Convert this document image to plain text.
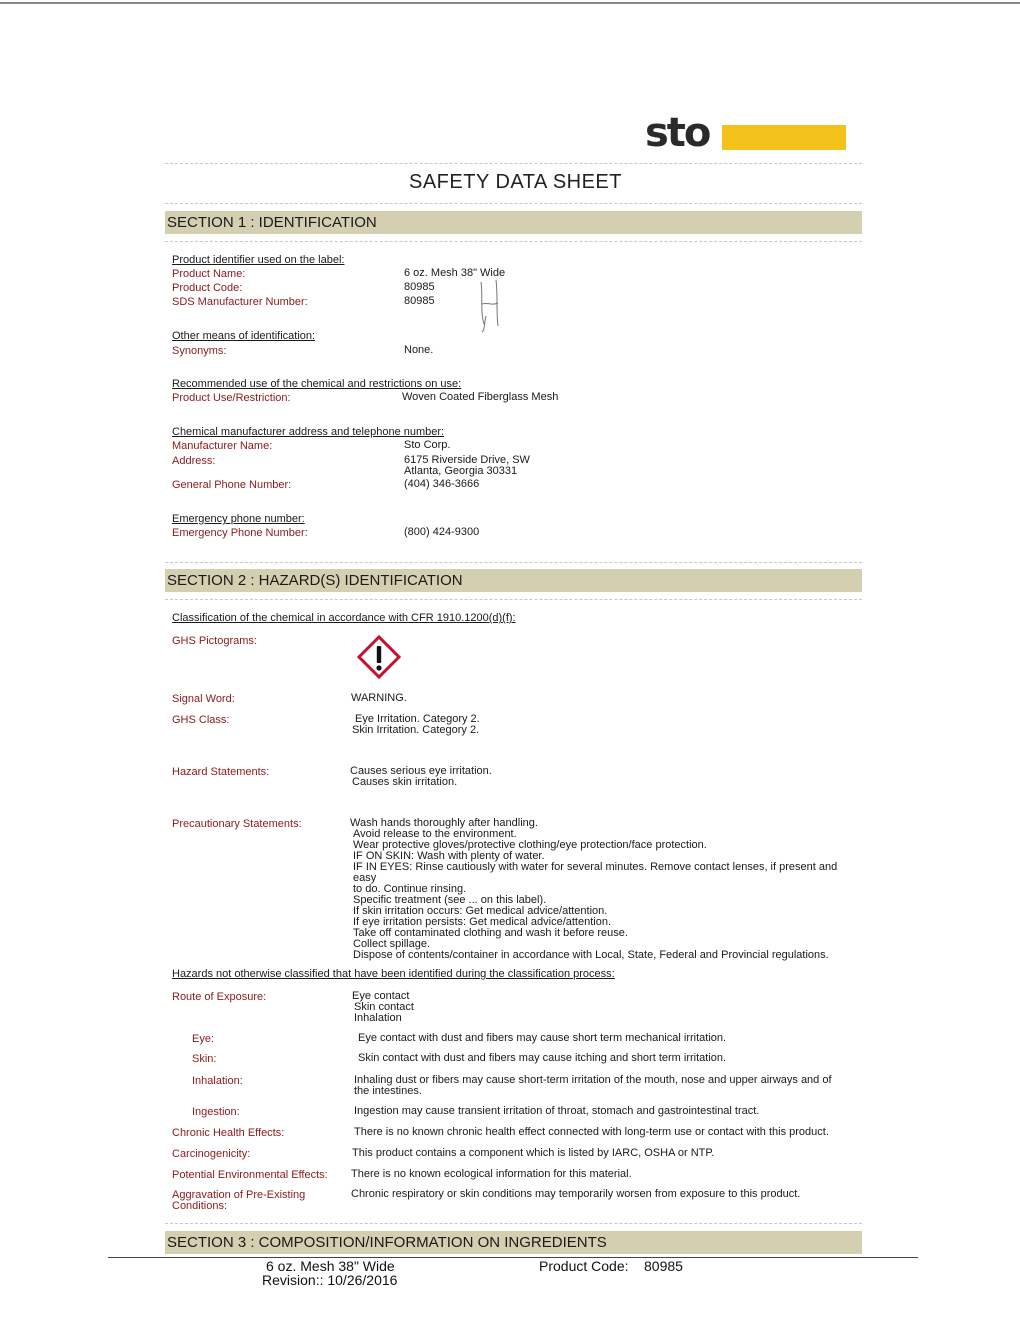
sto
SAFETY DATA SHEET
SECTION 1 : IDENTIFICATION
Product identifier used on the label:
Product Name:	6 oz. Mesh 38" Wide
Product Code:	80985
SDS Manufacturer Number:	80985
Other means of identification:
Synonyms:	None.
Recommended use of the chemical and restrictions on use:
Product Use/Restriction:	Woven Coated Fiberglass Mesh
Chemical manufacturer address and telephone number:
Manufacturer Name:	Sto Corp.
Address:	6175 Riverside Drive, SW
Atlanta, Georgia 30331
General Phone Number:	(404) 346-3666
Emergency phone number:
Emergency Phone Number:	(800) 424-9300
SECTION 2 : HAZARD(S) IDENTIFICATION
Classification of the chemical in accordance with CFR 1910.1200(d)(f):
GHS Pictograms:
Signal Word:	WARNING.
GHS Class:	Eye Irritation. Category 2.
Skin Irritation. Category 2.
Hazard Statements:	Causes serious eye irritation.
Causes skin irritation.
Precautionary Statements:	Wash hands thoroughly after handling.
Avoid release to the environment.
Wear protective gloves/protective clothing/eye protection/face protection.
IF ON SKIN: Wash with plenty of water.
IF IN EYES: Rinse cautiously with water for several minutes. Remove contact lenses, if present and easy
to do. Continue rinsing.
Specific treatment (see ... on this label).
If skin irritation occurs: Get medical advice/attention.
If eye irritation persists: Get medical advice/attention.
Take off contaminated clothing and wash it before reuse.
Collect spillage.
Dispose of contents/container in accordance with Local, State, Federal and Provincial regulations.
Hazards not otherwise classified that have been identified during the classification process:
Route of Exposure:	Eye contact
Skin contact
Inhalation
Eye:	Eye contact with dust and fibers may cause short term mechanical irritation.
Skin:	Skin contact with dust and fibers may cause itching and short term irritation.
Inhalation:	Inhaling dust or fibers may cause short-term irritation of the mouth, nose and upper airways and of
the intestines.
Ingestion:	Ingestion may cause transient irritation of throat, stomach and gastrointestinal tract.
Chronic Health Effects:	There is no known chronic health effect connected with long-term use or contact with this product.
Carcinogenicity:	This product contains a component which is listed by IARC, OSHA or NTP.
Potential Environmental Effects: There is no known ecological information for this material.
Aggravation of Pre-Existing
Conditions:
Chronic respiratory or skin conditions may temporarily worsen from exposure to this product.
SECTION 3 : COMPOSITION/INFORMATION ON INGREDIENTS
6 oz. Mesh 38" Wide
Revision:: 10/26/2016
Product Code: 80985
